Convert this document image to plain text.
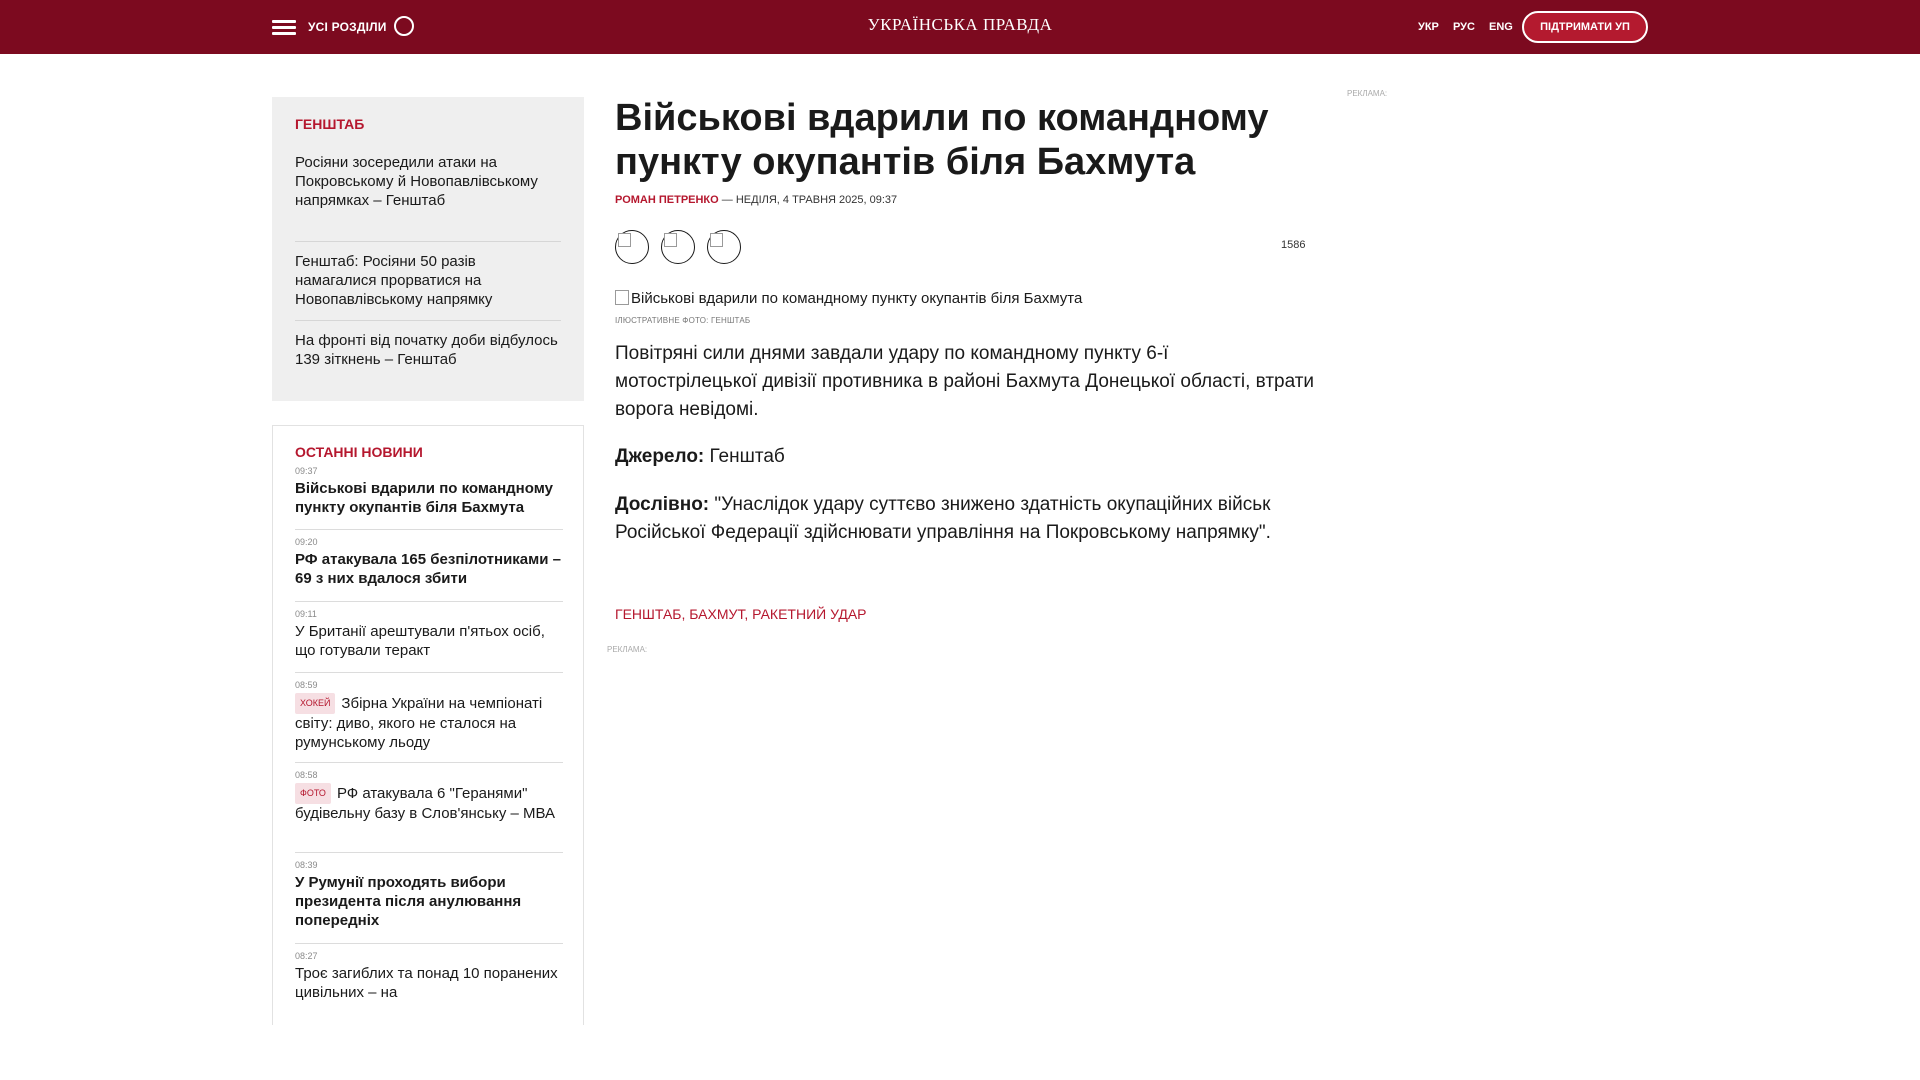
УСІ РОЗДІЛИ	УКРАЇНСЬКА ПРАВДА	УКР РУС ENG	ПІДТРИМАТИ УП
ГЕНШТАБ
Росіяни зосередили атаки на Покровському й Новопавлівському напрямках – Генштаб
Генштаб: Росіяни 50 разів намагалися прорватися на Новопавлівському напрямку
На фронті від початку доби відбулось 139 зіткнень – Генштаб
ОСТАННІ НОВИНИ
09:37
Військові вдарили по командному пункту окупантів біля Бахмута
09:20
РФ атакувала 165 безпілотниками – 69 з них вдалося збити
09:11
У Британії арештували п'ятьох осіб, що готували теракт
08:59
ХОКЕЙ Збірна України на чемпіонаті світу: диво, якого не сталося на румунському льоду
08:58
ФОТО РФ атакувала 6 "Геранями" будівельну базу в Слов'янську – МВА
08:39
У Румунії проходять вибори президента після анулювання попередніх
08:27
Троє загиблих та понад 10 поранених цивільних – на
Військові вдарили по командному пункту окупантів біля Бахмута
РОМАН ПЕТРЕНКО — НЕДІЛЯ, 4 ТРАВНЯ 2025, 09:37
1586
Військові вдарили по командному пункту окупантів біля Бахмута
ІЛЮСТРАТИВНЕ ФОТО: ГЕНШТАБ

Повітряні сили днями завдали удару по командному пункту 6-ї мотострілецької дивізії противника в районі Бахмута Донецької області, втрати ворога невідомі.

Джерело: Генштаб

Дослівно: "Унаслідок удару суттєво знижено здатність окупаційних військ Російської Федерації здійснювати управління на Покровському напрямку".

ГЕНШТАБ, БАХМУТ, РАКЕТНИЙ УДАР
РЕКЛАМА:
РЕКЛАМА:
